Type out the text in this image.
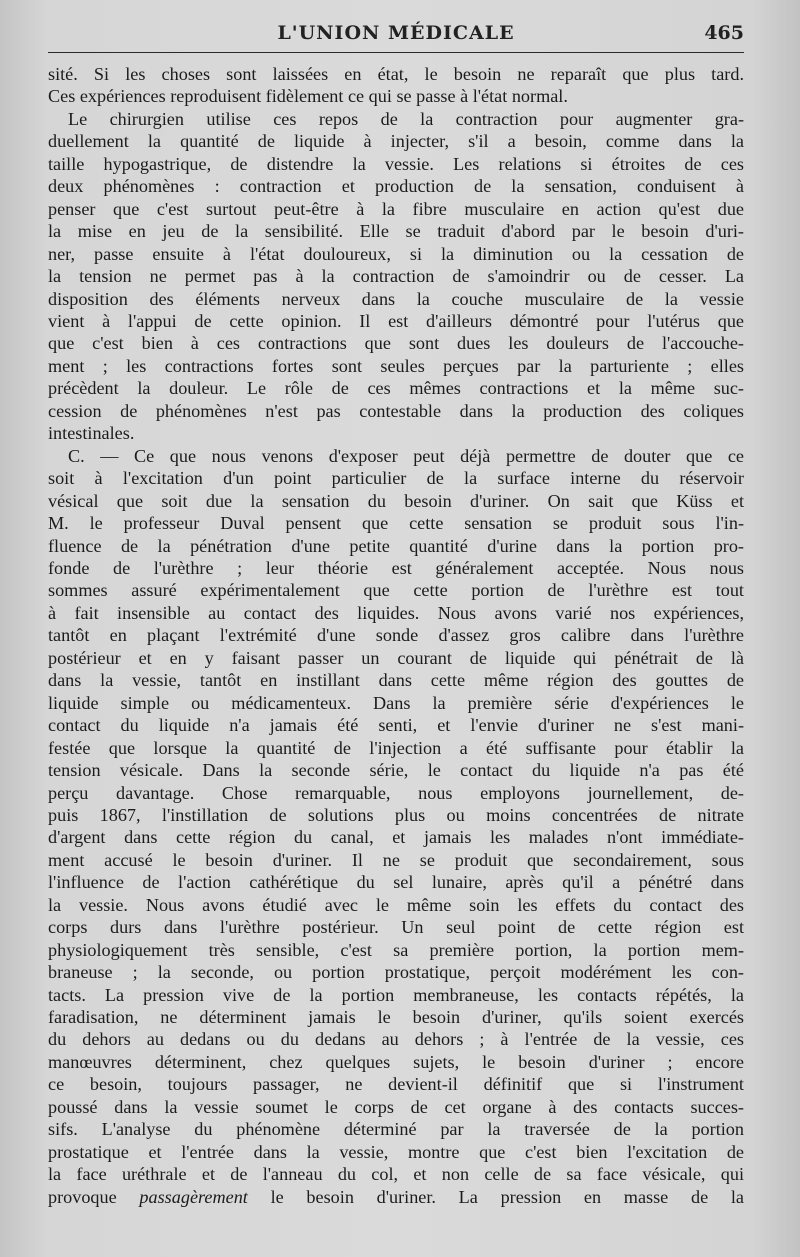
L'UNION MÉDICALE	465

sité. Si les choses sont laissées en état, le besoin ne reparaît que plus tard.
Ces expériences reproduisent fidèlement ce qui se passe à l'état normal.

Le chirurgien utilise ces repos de la contraction pour augmenter gra-
duellement la quantité de liquide à injecter, s'il a besoin, comme dans la
taille hypogastrique, de distendre la vessie. Les relations si étroites de ces
deux phénomènes : contraction et production de la sensation, conduisent à
penser que c'est surtout peut-être à la fibre musculaire en action qu'est due
la mise en jeu de la sensibilité. Elle se traduit d'abord par le besoin d'uri-
ner, passe ensuite à l'état douloureux, si la diminution ou la cessation de
la tension ne permet pas à la contraction de s'amoindrir ou de cesser. La
disposition des éléments nerveux dans la couche musculaire de la vessie
vient à l'appui de cette opinion. Il est d'ailleurs démontré pour l'utérus que
que c'est bien à ces contractions que sont dues les douleurs de l'accouche-
ment ; les contractions fortes sont seules perçues par la parturiente ; elles
précèdent la douleur. Le rôle de ces mêmes contractions et la même suc-
cession de phénomènes n'est pas contestable dans la production des coliques
intestinales.

C. — Ce que nous venons d'exposer peut déjà permettre de douter que ce
soit à l'excitation d'un point particulier de la surface interne du réservoir
vésical que soit due la sensation du besoin d'uriner. On sait que Küss et
M. le professeur Duval pensent que cette sensation se produit sous l'in-
fluence de la pénétration d'une petite quantité d'urine dans la portion pro-
fonde de l'urèthre ; leur théorie est généralement acceptée. Nous nous
sommes assuré expérimentalement que cette portion de l'urèthre est tout
à fait insensible au contact des liquides. Nous avons varié nos expériences,
tantôt en plaçant l'extrémité d'une sonde d'assez gros calibre dans l'urèthre
postérieur et en y faisant passer un courant de liquide qui pénétrait de là
dans la vessie, tantôt en instillant dans cette même région des gouttes de
liquide simple ou médicamenteux. Dans la première série d'expériences le
contact du liquide n'a jamais été senti, et l'envie d'uriner ne s'est mani-
festée que lorsque la quantité de l'injection a été suffisante pour établir la
tension vésicale. Dans la seconde série, le contact du liquide n'a pas été
perçu davantage. Chose remarquable, nous employons journellement, de-
puis 1867, l'instillation de solutions plus ou moins concentrées de nitrate
d'argent dans cette région du canal, et jamais les malades n'ont immédiate-
ment accusé le besoin d'uriner. Il ne se produit que secondairement, sous
l'influence de l'action cathérétique du sel lunaire, après qu'il a pénétré dans
la vessie. Nous avons étudié avec le même soin les effets du contact des
corps durs dans l'urèthre postérieur. Un seul point de cette région est
physiologiquement très sensible, c'est sa première portion, la portion mem-
braneuse ; la seconde, ou portion prostatique, perçoit modérément les con-
tacts. La pression vive de la portion membraneuse, les contacts répétés, la
faradisation, ne déterminent jamais le besoin d'uriner, qu'ils soient exercés
du dehors au dedans ou du dedans au dehors ; à l'entrée de la vessie, ces
manœuvres déterminent, chez quelques sujets, le besoin d'uriner ; encore
ce besoin, toujours passager, ne devient-il définitif que si l'instrument
poussé dans la vessie soumet le corps de cet organe à des contacts succes-
sifs. L'analyse du phénomène déterminé par la traversée de la portion
prostatique et l'entrée dans la vessie, montre que c'est bien l'excitation de
la face uréthrale et de l'anneau du col, et non celle de sa face vésicale, qui
provoque passagèrement le besoin d'uriner. La pression en masse de la
